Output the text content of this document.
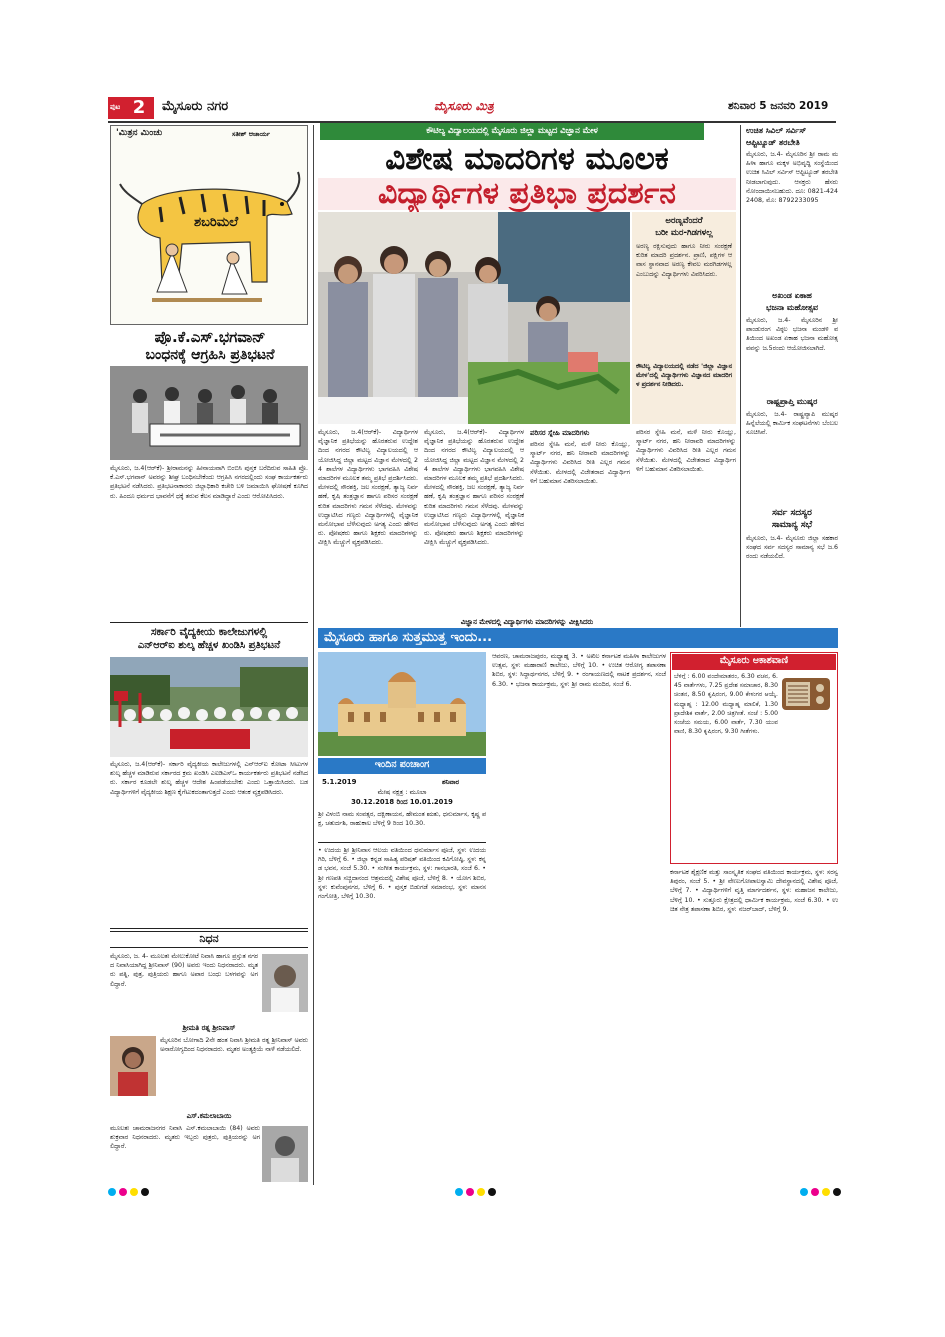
ಪುಟ 2	ಮೈಸೂರು ನಗರ	ಮೈಸೂರು ಮಿತ್ರ	ಶನಿವಾರ 5 ಜನವರಿ 2019
'ಮಿತ್ರನ ಮಿಂಚು	ಸತೀಶ್ ಆಚಾರ್ಯ
ಶಬರಿಮಲೆ
ಪ್ರೊ.ಕೆ.ಎಸ್.ಭಗವಾನ್
ಬಂಧನಕ್ಕೆ ಆಗ್ರಹಿಸಿ ಪ್ರತಿಭಟನೆ
ಮೈಸೂರು, ಜ.4(ಆರ್‌ಕೆ)- ಶ್ರೀರಾಮನನ್ನು ಹೀನಾಯವಾಗಿ ಬಿಂಬಿಸಿ ಪುಸ್ತಕ ಬರೆದಿರುವ ಸಾಹಿತಿ ಪ್ರೊ.ಕೆ.ಎಸ್.ಭಗವಾನ್ ಅವರನ್ನು ಶೀಘ್ರ ಬಂಧಿಸಬೇಕೆಂದು ಆಗ್ರಹಿಸಿ ನಗರದಲ್ಲಿಂದು ಸಂಘ ಕಾರ್ಯಕರ್ತರು ಪ್ರತಿಭಟನೆ ನಡೆಸಿದರು. ಪ್ರತಿಭಟನಾಕಾರರು ಜಿಲ್ಲಾಧಿಕಾರಿ ಕಚೇರಿ ಬಳಿ ಜಮಾಯಿಸಿ ಘೋಷಣೆ ಕೂಗಿದರು. ಹಿಂದೂ ಧರ್ಮದ ಭಾವನೆಗೆ ಧಕ್ಕೆ ತರುವ ಕೆಲಸ ಮಾಡಿದ್ದಾರೆ ಎಂದು ಆರೋಪಿಸಿದರು.
ಸರ್ಕಾರಿ ವೈದ್ಯಕೀಯ ಕಾಲೇಜುಗಳಲ್ಲಿ
ಎನ್‌ಆರ್‌ಐ ಶುಲ್ಕ ಹೆಚ್ಚಳ ಖಂಡಿಸಿ ಪ್ರತಿಭಟನೆ
ಮೈಸೂರು, ಜ.4(ಆರ್‌ಕೆ)- ಸರ್ಕಾರಿ ವೈದ್ಯಕೀಯ ಕಾಲೇಜುಗಳಲ್ಲಿ ಎನ್‌ಆರ್‌ಐ ಕೋಟಾ ಸೀಟುಗಳ ಶುಲ್ಕ ಹೆಚ್ಚಳ ಮಾಡಿರುವ ಸರ್ಕಾರದ ಕ್ರಮ ಖಂಡಿಸಿ ಎಐಡಿಎಸ್‌ಒ ಕಾರ್ಯಕರ್ತರು ಪ್ರತಿಭಟನೆ ನಡೆಸಿದರು. ಸರ್ಕಾರ ಕೂಡಲೇ ಶುಲ್ಕ ಹೆಚ್ಚಳ ಆದೇಶ ಹಿಂಪಡೆಯಬೇಕು ಎಂದು ಒತ್ತಾಯಿಸಿದರು. ಬಡ ವಿದ್ಯಾರ್ಥಿಗಳಿಗೆ ವೈದ್ಯಕೀಯ ಶಿಕ್ಷಣ ಕೈಗೆಟುಕದಂತಾಗುತ್ತದೆ ಎಂದು ಆತಂಕ ವ್ಯಕ್ತಪಡಿಸಿದರು.
ನಿಧನ
ಮೈಸೂರು, ಜ. 4- ಮೂಲತಃ ಮೇಲುಕೋಟೆ ನಿವಾಸಿ ಹಾಗೂ ಪ್ರಸ್ತುತ ನಗರದ ನಿವಾಸಿಯಾಗಿದ್ದ ಶ್ರೀನಿವಾಸ್ (90) ಅವರು ಇಂದು ನಿಧನರಾದರು. ಮೃತರು ಪತ್ನಿ, ಪುತ್ರ, ಪುತ್ರಿಯರು ಹಾಗೂ ಅಪಾರ ಬಂಧು ಬಳಗವನ್ನು ಅಗಲಿದ್ದಾರೆ.
ಶ್ರೀಮತಿ ರತ್ನ ಶ್ರೀನಿವಾಸ್
ಮೈಸೂರಿನ ಬೋಗಾದಿ 2ನೇ ಹಂತ ನಿವಾಸಿ ಶ್ರೀಮತಿ ರತ್ನ ಶ್ರೀನಿವಾಸ್ ಅವರು ಅನಾರೋಗ್ಯದಿಂದ ನಿಧನರಾದರು. ಮೃತರ ಅಂತ್ಯಕ್ರಿಯೆ ನಾಳೆ ನಡೆಯಲಿದೆ.
ಎಸ್.ಕಮಲಾಬಾಯಿ
ಮೂಲತಃ ಚಾಮರಾಜನಗರ ನಿವಾಸಿ ಎಸ್.ಕಮಲಾಬಾಯಿ (84) ಅವರು ಶುಕ್ರವಾರ ನಿಧನರಾದರು. ಮೃತರು ಇಬ್ಬರು ಪುತ್ರರು, ಪುತ್ರಿಯರನ್ನು ಅಗಲಿದ್ದಾರೆ.
ಕೌಟಿಲ್ಯ ವಿದ್ಯಾಲಯದಲ್ಲಿ ಮೈಸೂರು ಜಿಲ್ಲಾ ಮಟ್ಟದ ವಿಜ್ಞಾನ ಮೇಳ
ವಿಶೇಷ ಮಾದರಿಗಳ ಮೂಲಕ
ವಿದ್ಯಾರ್ಥಿಗಳ ಪ್ರತಿಭಾ ಪ್ರದರ್ಶನ
ಅರಣ್ಯವೆಂದರೆ
ಬರೀ ಮರ-ಗಿಡಗಳಲ್ಲ
ಅರಣ್ಯ ರಕ್ಷಿಸುವುದು ಹಾಗೂ ನೀರು ಸಂರಕ್ಷಣೆ ಕುರಿತ ಮಾದರಿ ಪ್ರದರ್ಶನ. ಪ್ರಾಣಿ, ಪಕ್ಷಿಗಳ ಆವಾಸ ಸ್ಥಾನವಾದ ಅರಣ್ಯ ಕೇವಲ ಮರಗಿಡಗಳಲ್ಲ ಎಂಬುದನ್ನು ವಿದ್ಯಾರ್ಥಿಗಳು ವಿವರಿಸಿದರು.
ಕೌಟಿಲ್ಯ ವಿದ್ಯಾಲಯದಲ್ಲಿ ನಡೆದ 'ಜಿಲ್ಲಾ ವಿಜ್ಞಾನ ಮೇಳ'ದಲ್ಲಿ ವಿದ್ಯಾರ್ಥಿಗಳು ವಿಜ್ಞಾನದ ಮಾದರಿಗಳ ಪ್ರದರ್ಶನ ನೀಡಿದರು.
ಮೈಸೂರು, ಜ.4(ಆರ್‌ಕೆ)- ವಿದ್ಯಾರ್ಥಿಗಳ ವೈಜ್ಞಾನಿಕ ಪ್ರತಿಭೆಯನ್ನು ಹೊರತರುವ ಉದ್ದೇಶದಿಂದ ನಗರದ ಕೌಟಿಲ್ಯ ವಿದ್ಯಾಲಯದಲ್ಲಿ ಆಯೋಜಿಸಿದ್ದ ಜಿಲ್ಲಾ ಮಟ್ಟದ ವಿಜ್ಞಾನ ಮೇಳದಲ್ಲಿ 24 ಶಾಲೆಗಳ ವಿದ್ಯಾರ್ಥಿಗಳು ಭಾಗವಹಿಸಿ ವಿಶೇಷ ಮಾದರಿಗಳ ಮೂಲಕ ತಮ್ಮ ಪ್ರತಿಭೆ ಪ್ರದರ್ಶಿಸಿದರು. ಮೇಳದಲ್ಲಿ ಸೌರಶಕ್ತಿ, ಜಲ ಸಂರಕ್ಷಣೆ, ತ್ಯಾಜ್ಯ ನಿರ್ವಹಣೆ, ಕೃಷಿ ತಂತ್ರಜ್ಞಾನ ಹಾಗೂ ಪರಿಸರ ಸಂರಕ್ಷಣೆ ಕುರಿತ ಮಾದರಿಗಳು ಗಮನ ಸೆಳೆದವು. ಮೇಳವನ್ನು ಉದ್ಘಾಟಿಸಿದ ಗಣ್ಯರು ವಿದ್ಯಾರ್ಥಿಗಳಲ್ಲಿ ವೈಜ್ಞಾನಿಕ ಮನೋಭಾವ ಬೆಳೆಸುವುದು ಅಗತ್ಯ ಎಂದು ಹೇಳಿದರು. ಪೋಷಕರು ಹಾಗೂ ಶಿಕ್ಷಕರು ಮಾದರಿಗಳನ್ನು ವೀಕ್ಷಿಸಿ ಮೆಚ್ಚುಗೆ ವ್ಯಕ್ತಪಡಿಸಿದರು.
ಮೈಸೂರು, ಜ.4(ಆರ್‌ಕೆ)- ವಿದ್ಯಾರ್ಥಿಗಳ ವೈಜ್ಞಾನಿಕ ಪ್ರತಿಭೆಯನ್ನು ಹೊರತರುವ ಉದ್ದೇಶದಿಂದ ನಗರದ ಕೌಟಿಲ್ಯ ವಿದ್ಯಾಲಯದಲ್ಲಿ ಆಯೋಜಿಸಿದ್ದ ಜಿಲ್ಲಾ ಮಟ್ಟದ ವಿಜ್ಞಾನ ಮೇಳದಲ್ಲಿ 24 ಶಾಲೆಗಳ ವಿದ್ಯಾರ್ಥಿಗಳು ಭಾಗವಹಿಸಿ ವಿಶೇಷ ಮಾದರಿಗಳ ಮೂಲಕ ತಮ್ಮ ಪ್ರತಿಭೆ ಪ್ರದರ್ಶಿಸಿದರು. ಮೇಳದಲ್ಲಿ ಸೌರಶಕ್ತಿ, ಜಲ ಸಂರಕ್ಷಣೆ, ತ್ಯಾಜ್ಯ ನಿರ್ವಹಣೆ, ಕೃಷಿ ತಂತ್ರಜ್ಞಾನ ಹಾಗೂ ಪರಿಸರ ಸಂರಕ್ಷಣೆ ಕುರಿತ ಮಾದರಿಗಳು ಗಮನ ಸೆಳೆದವು. ಮೇಳವನ್ನು ಉದ್ಘಾಟಿಸಿದ ಗಣ್ಯರು ವಿದ್ಯಾರ್ಥಿಗಳಲ್ಲಿ ವೈಜ್ಞಾನಿಕ ಮನೋಭಾವ ಬೆಳೆಸುವುದು ಅಗತ್ಯ ಎಂದು ಹೇಳಿದರು. ಪೋಷಕರು ಹಾಗೂ ಶಿಕ್ಷಕರು ಮಾದರಿಗಳನ್ನು ವೀಕ್ಷಿಸಿ ಮೆಚ್ಚುಗೆ ವ್ಯಕ್ತಪಡಿಸಿದರು.
ಪರಿಸರ ಸ್ನೇಹಿ ಮಾದರಿಗಳು
ಪರಿಸರ ಸ್ನೇಹಿ ಮನೆ, ಮಳೆ ನೀರು ಕೊಯ್ಲು, ಸ್ಮಾರ್ಟ್ ನಗರ, ಹನಿ ನೀರಾವರಿ ಮಾದರಿಗಳನ್ನು ವಿದ್ಯಾರ್ಥಿಗಳು ವಿವರಿಸಿದ ರೀತಿ ಎಲ್ಲರ ಗಮನ ಸೆಳೆಯಿತು. ಮೇಳದಲ್ಲಿ ವಿಜೇತರಾದ ವಿದ್ಯಾರ್ಥಿಗಳಿಗೆ ಬಹುಮಾನ ವಿತರಿಸಲಾಯಿತು.
ಪರಿಸರ ಸ್ನೇಹಿ ಮನೆ, ಮಳೆ ನೀರು ಕೊಯ್ಲು, ಸ್ಮಾರ್ಟ್ ನಗರ, ಹನಿ ನೀರಾವರಿ ಮಾದರಿಗಳನ್ನು ವಿದ್ಯಾರ್ಥಿಗಳು ವಿವರಿಸಿದ ರೀತಿ ಎಲ್ಲರ ಗಮನ ಸೆಳೆಯಿತು. ಮೇಳದಲ್ಲಿ ವಿಜೇತರಾದ ವಿದ್ಯಾರ್ಥಿಗಳಿಗೆ ಬಹುಮಾನ ವಿತರಿಸಲಾಯಿತು.
ವಿಜ್ಞಾನ ಮೇಳದಲ್ಲಿ ವಿದ್ಯಾರ್ಥಿಗಳು ಮಾದರಿಗಳನ್ನು ವೀಕ್ಷಿಸಿದರು
ಉಚಿತ ಸಿವಿಲ್ ಸರ್ವಿಸ್
ಆಪ್ಟಿಟ್ಯೂಡ್ ತರಬೇತಿ
ಮೈಸೂರು, ಜ.4- ಮೈಸೂರಿನ ಶ್ರೀ ರಾಮ ಮಹಿಳಾ ಹಾಗೂ ಮಕ್ಕಳ ಅಭಿವೃದ್ಧಿ ಸಂಸ್ಥೆಯಿಂದ ಉಚಿತ ಸಿವಿಲ್ ಸರ್ವಿಸ್ ಆಪ್ಟಿಟ್ಯೂಡ್ ತರಬೇತಿ ನೀಡಲಾಗುವುದು. ಆಸಕ್ತರು ಹೆಸರು ನೋಂದಾಯಿಸಬಹುದು. ದೂ: 0821-4242408, ಮೊ: 8792233095
ಅಖಂಡ ಏಕಾಹ
ಭಜನಾ ಮಹೋತ್ಸವ
ಮೈಸೂರು, ಜ.4- ಮೈಸೂರಿನ ಶ್ರೀ ಪಾಂಡುರಂಗ ವಿಠ್ಠಲ ಭಜನಾ ಮಂಡಳಿ ವತಿಯಿಂದ ಅಖಂಡ ಏಕಾಹ ಭಜನಾ ಮಹೋತ್ಸವವನ್ನು ಜ.5ರಂದು ಆಯೋಜಿಸಲಾಗಿದೆ.
ರಾಷ್ಟ್ರಪ್ರಾಪ್ತಿ ಮುಷ್ಕರ
ಮೈಸೂರು, ಜ.4- ರಾಷ್ಟ್ರವ್ಯಾಪಿ ಮುಷ್ಕರ ಹಿನ್ನೆಲೆಯಲ್ಲಿ ಕಾರ್ಮಿಕ ಸಂಘಟನೆಗಳು ಬೆಂಬಲ ಸೂಚಿಸಿವೆ.
ಸರ್ವ ಸದಸ್ಯರ
ಸಾಮಾನ್ಯ ಸಭೆ
ಮೈಸೂರು, ಜ.4- ಮೈಸೂರು ಜಿಲ್ಲಾ ಸಹಕಾರ ಸಂಘದ ಸರ್ವ ಸದಸ್ಯರ ಸಾಮಾನ್ಯ ಸಭೆ ಜ.6ರಂದು ನಡೆಯಲಿದೆ.
ಮೈಸೂರು ಹಾಗೂ ಸುತ್ತಮುತ್ತ ಇಂದು...
ಇಂದಿನ ಪಂಚಾಂಗ
5.1.2019	ಶನಿವಾರ
ಮೇಷ ನಕ್ಷತ್ರ : ಮೂಲಾ
30.12.2018 ರಿಂದ 10.01.2019
ಶ್ರೀ ವಿಳಂಬಿ ನಾಮ ಸಂವತ್ಸರ, ದಕ್ಷಿಣಾಯನ, ಹೇಮಂತ ಋತು, ಧನುರ್ಮಾಸ, ಕೃಷ್ಣ ಪಕ್ಷ, ಚತುರ್ದಶಿ, ರಾಹುಕಾಲ ಬೆಳಿಗ್ಗೆ 9 ರಿಂದ 10.30.
• ಉದಯ ಶ್ರೀ ಶ್ರೀನಿವಾಸ ಆಲಯ ವತಿಯಿಂದ ಧನುರ್ಮಾಸ ಪೂಜೆ, ಸ್ಥಳ: ಉದಯಗಿರಿ, ಬೆಳಿಗ್ಗೆ 6. • ಜಿಲ್ಲಾ ಕನ್ನಡ ಸಾಹಿತ್ಯ ಪರಿಷತ್ ವತಿಯಿಂದ ಕವಿಗೋಷ್ಠಿ, ಸ್ಥಳ: ಕನ್ನಡ ಭವನ, ಸಂಜೆ 5.30. • ಸಂಗೀತ ಕಾರ್ಯಕ್ರಮ, ಸ್ಥಳ: ಗಾನಭಾರತಿ, ಸಂಜೆ 6. • ಶ್ರೀ ಗಣಪತಿ ಸಚ್ಚಿದಾನಂದ ಆಶ್ರಮದಲ್ಲಿ ವಿಶೇಷ ಪೂಜೆ, ಬೆಳಿಗ್ಗೆ 8. • ಯೋಗ ಶಿಬಿರ, ಸ್ಥಳ: ಕುವೆಂಪುನಗರ, ಬೆಳಿಗ್ಗೆ 6. • ಪುಸ್ತಕ ಬಿಡುಗಡೆ ಸಮಾರಂಭ, ಸ್ಥಳ: ಮಾನಸ ಗಂಗೋತ್ರಿ, ಬೆಳಿಗ್ಗೆ 10.30.
ಆವರಣ, ಚಾಮರಾಜಪುರಂ, ಮಧ್ಯಾಹ್ನ 3. • ಅಖಿಲ ಕರ್ನಾಟಕ ಮಹಿಳಾ ಕಾಲೇಜುಗಳ ಉತ್ಸವ, ಸ್ಥಳ: ಮಹಾರಾಣಿ ಕಾಲೇಜು, ಬೆಳಿಗ್ಗೆ 10. • ಉಚಿತ ಆರೋಗ್ಯ ತಪಾಸಣಾ ಶಿಬಿರ, ಸ್ಥಳ: ಸಿದ್ದಾರ್ಥನಗರ, ಬೆಳಿಗ್ಗೆ 9. • ರಂಗಾಯಣದಲ್ಲಿ ನಾಟಕ ಪ್ರದರ್ಶನ, ಸಂಜೆ 6.30. • ಭಜನಾ ಕಾರ್ಯಕ್ರಮ, ಸ್ಥಳ: ಶ್ರೀ ರಾಮ ಮಂದಿರ, ಸಂಜೆ 6.
ಮೈಸೂರು ಆಕಾಶವಾಣಿ
ಬೆಳಿಗ್ಗೆ : 6.00 ವಂದೇಮಾತರಂ, 6.30 ವಚನ, 6.45 ವಾರ್ತೆಗಳು, 7.25 ಪ್ರದೇಶ ಸಮಾಚಾರ, 8.30 ಚಿಂತನ, 8.50 ಕೃಷಿರಂಗ, 9.00 ಕೇಳುಗರ ಆಯ್ಕೆ. ಮಧ್ಯಾಹ್ನ : 12.00 ಮಧ್ಯಾಹ್ನ ಮಾಲಿಕೆ, 1.30 ಪ್ರಾದೇಶಿಕ ವಾರ್ತೆ, 2.00 ಚಿತ್ರಗೀತೆ. ಸಂಜೆ : 5.00 ಸಂಜೆಯ ಸಮಯ, 6.00 ವಾರ್ತೆ, 7.30 ಯುವವಾಣಿ, 8.30 ಕೃಷಿರಂಗ, 9.30 ಗೀತೆಗಳು.
ಕರ್ನಾಟಕ ಶೈಕ್ಷಣಿಕ ಮತ್ತು ಸಾಂಸ್ಕೃತಿಕ ಸಂಘದ ವತಿಯಿಂದ ಕಾರ್ಯಕ್ರಮ, ಸ್ಥಳ: ಸರಸ್ವತಿಪುರಂ, ಸಂಜೆ 5. • ಶ್ರೀ ವೇಣುಗೋಪಾಲಸ್ವಾಮಿ ದೇವಸ್ಥಾನದಲ್ಲಿ ವಿಶೇಷ ಪೂಜೆ, ಬೆಳಿಗ್ಗೆ 7. • ವಿದ್ಯಾರ್ಥಿಗಳಿಗೆ ವೃತ್ತಿ ಮಾರ್ಗದರ್ಶನ, ಸ್ಥಳ: ಮಹಾಜನ ಕಾಲೇಜು, ಬೆಳಿಗ್ಗೆ 10. • ಸುತ್ತೂರು ಕ್ಷೇತ್ರದಲ್ಲಿ ಧಾರ್ಮಿಕ ಕಾರ್ಯಕ್ರಮ, ಸಂಜೆ 6.30. • ಉಚಿತ ನೇತ್ರ ತಪಾಸಣಾ ಶಿಬಿರ, ಸ್ಥಳ: ನಜರ್‌ಬಾದ್, ಬೆಳಿಗ್ಗೆ 9.
